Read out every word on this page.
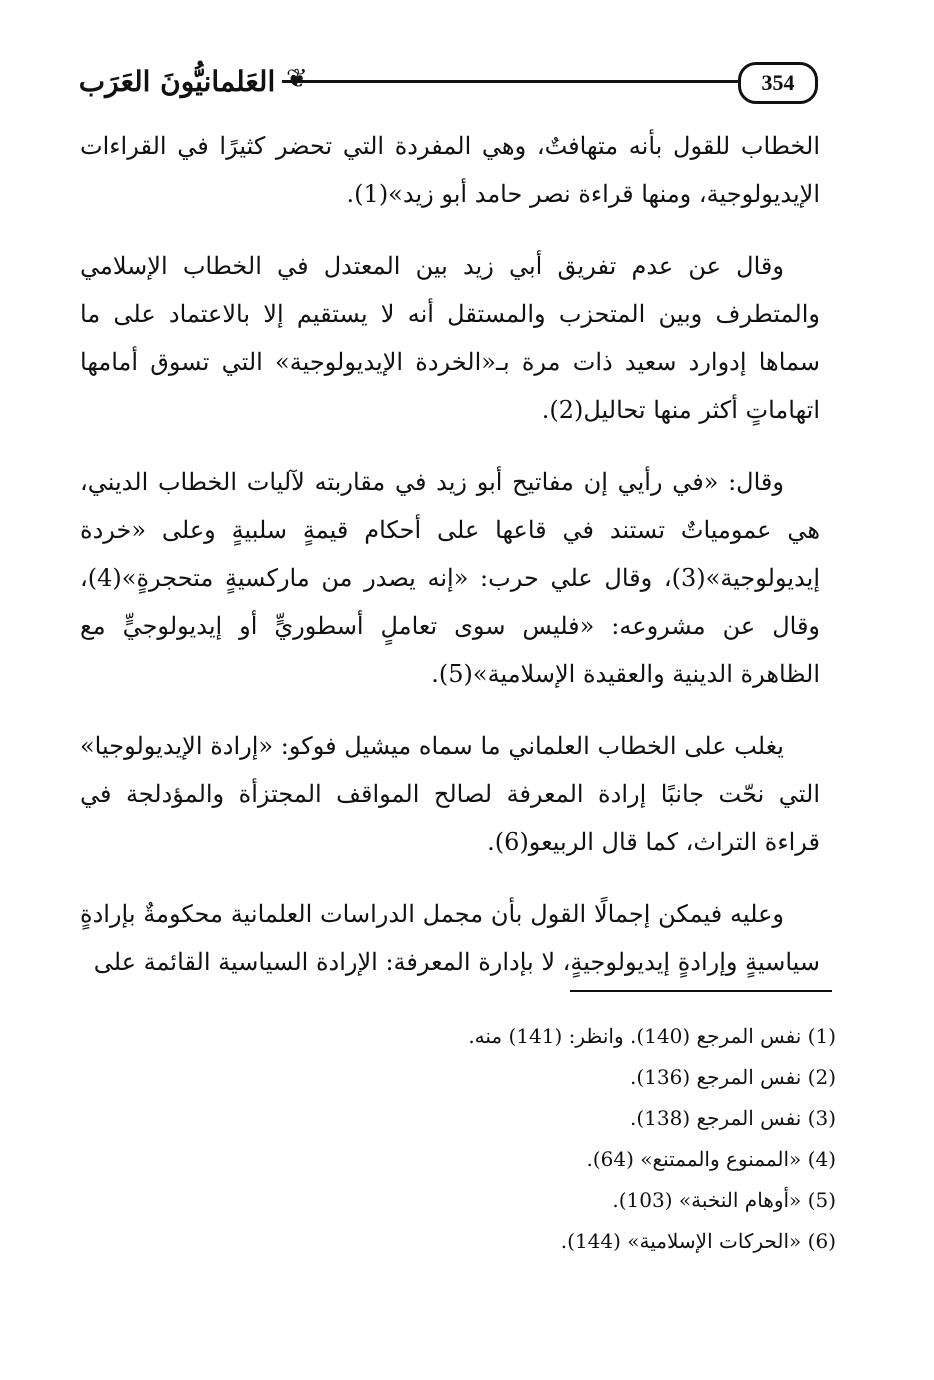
العَلمانيُّونَ العَرَب ❦	354

الخطاب للقول بأنه متهافتٌ، وهي المفردة التي تحضر كثيرًا في القراءات الإيديولوجية، ومنها قراءة نصر حامد أبو زيد»(1).

وقال عن عدم تفريق أبي زيد بين المعتدل في الخطاب الإسلامي والمتطرف وبين المتحزب والمستقل أنه لا يستقيم إلا بالاعتماد على ما سماها إدوارد سعيد ذات مرة بـ«الخردة الإيديولوجية» التي تسوق أمامها اتهاماتٍ أكثر منها تحاليل(2).

وقال: «في رأيي إن مفاتيح أبو زيد في مقاربته لآليات الخطاب الديني، هي عمومياتٌ تستند في قاعها على أحكام قيمةٍ سلبيةٍ وعلى «خردة إيديولوجية»(3)، وقال علي حرب: «إنه يصدر من ماركسيةٍ متحجرةٍ»(4)، وقال عن مشروعه: «فليس سوى تعاملٍ أسطوريٍّ أو إيديولوجيٍّ مع الظاهرة الدينية والعقيدة الإسلامية»(5).

يغلب على الخطاب العلماني ما سماه ميشيل فوكو: «إرادة الإيديولوجيا» التي نحّت جانبًا إرادة المعرفة لصالح المواقف المجتزأة والمؤدلجة في قراءة التراث، كما قال الربيعو(6).

وعليه فيمكن إجمالًا القول بأن مجمل الدراسات العلمانية محكومةٌ بإرادةٍ سياسيةٍ وإرادةٍ إيديولوجيةٍ، لا بإدارة المعرفة: الإرادة السياسية القائمة على

(1) نفس المرجع (140). وانظر: (141) منه.

(2) نفس المرجع (136).

(3) نفس المرجع (138).

(4) «الممنوع والممتنع» (64).

(5) «أوهام النخبة» (103).

(6) «الحركات الإسلامية» (144).
